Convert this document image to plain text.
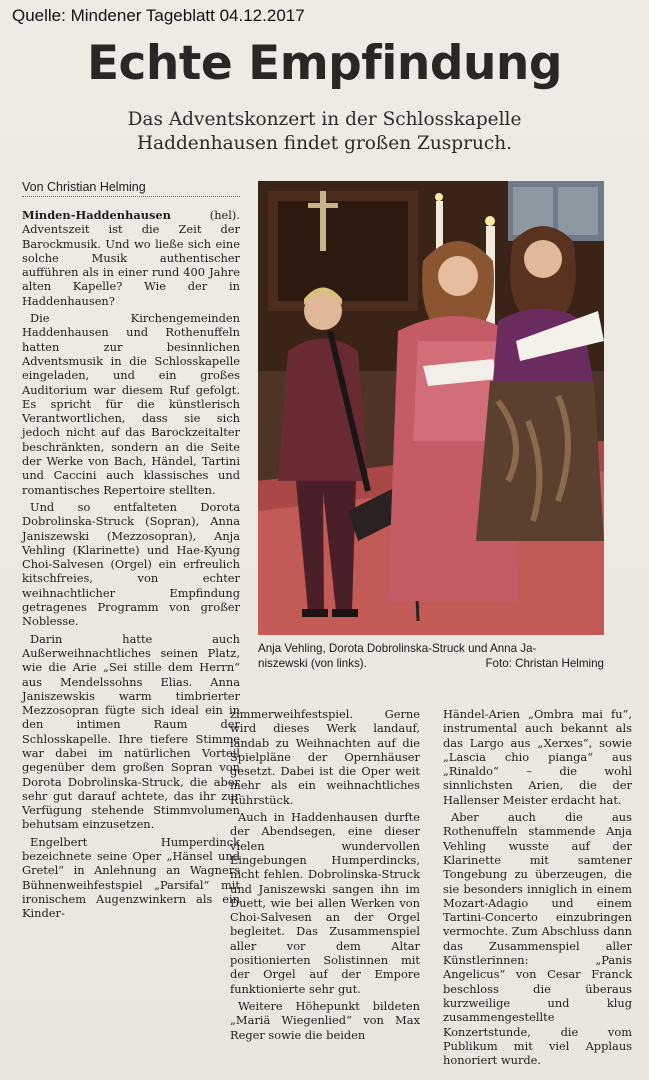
Quelle: Mindener Tageblatt 04.12.2017
Echte Empfindung
Das Adventskonzert in der Schlosskapelle
Haddenhausen findet großen Zuspruch.
Von Christian Helming

Minden-Haddenhausen (hel). Adventszeit ist die Zeit der Barockmusik. Und wo ließe sich eine solche Musik authentischer aufführen als in einer rund 400 Jahre alten Kapelle? Wie der in Haddenhausen?

Die Kirchengemeinden Haddenhausen und Rothenuffeln hatten zur besinnlichen Adventsmusik in die Schlosskapelle eingeladen, und ein großes Auditorium war diesem Ruf gefolgt. Es spricht für die künstlerisch Verantwortlichen, dass sie sich jedoch nicht auf das Barockzeitalter beschränkten, sondern an die Seite der Werke von Bach, Händel, Tartini und Caccini auch klassisches und romantisches Repertoire stellten.

Und so entfalteten Dorota Dobrolinska-Struck (Sopran), Anna Janiszewski (Mezzosopran), Anja Vehling (Klarinette) und Hae-Kyung Choi-Salvesen (Orgel) ein erfreulich kitschfreies, von echter weihnachtlicher Empfindung getragenes Programm von großer Noblesse.

Darin hatte auch Außerweihnachtliches seinen Platz, wie die Arie „Sei stille dem Herrn“ aus Mendelssohns Elias. Anna Janiszewskis warm timbrierter Mezzosopran fügte sich ideal ein in den intimen Raum der Schlosskapelle. Ihre tiefere Stimme war dabei im natürlichen Vorteil gegenüber dem großen Sopran von Dorota Dobrolinska-Struck, die aber sehr gut darauf achtete, das ihr zur Verfügung stehende Stimmvolumen behutsam einzusetzen.

Engelbert Humperdinck bezeichnete seine Oper „Hänsel und Gretel“ in Anlehnung an Wagners Bühnenweihfestspiel „Parsifal“ mit ironischem Augenzwinkern als ein Kinder-

Anja Vehling, Dorota Dobrolinska-Struck und Anna Ja-
niszewski (von links).	Foto: Christan Helming

zimmerweihfestspiel. Gerne wird dieses Werk landauf, landab zu Weihnachten auf die Spielpläne der Opernhäuser gesetzt. Dabei ist die Oper weit mehr als ein weihnachtliches Rührstück.

Auch in Haddenhausen durfte der Abendsegen, eine dieser vielen wundervollen Eingebungen Humperdincks, nicht fehlen. Dobrolinska-Struck und Janiszewski sangen ihn im Duett, wie bei allen Werken von Choi-Salvesen an der Orgel begleitet. Das Zusammenspiel aller vor dem Altar positionierten Solistinnen mit der Orgel auf der Empore funktionierte sehr gut.

Weitere Höhepunkt bildeten „Mariä Wiegenlied“ von Max Reger sowie die beiden

Händel-Arien „Ombra mai fu“, instrumental auch bekannt als das Largo aus „Xerxes“, sowie „Lascia chio pianga“ aus „Rinaldo“ – die wohl sinnlichsten Arien, die der Hallenser Meister erdacht hat.

Aber auch die aus Rothenuffeln stammende Anja Vehling wusste auf der Klarinette mit samtener Tongebung zu überzeugen, die sie besonders inniglich in einem Mozart-Adagio und einem Tartini-Concerto einzubringen vermochte. Zum Abschluss dann das Zusammenspiel aller Künstlerinnen: „Panis Angelicus“ von Cesar Franck beschloss die überaus kurzweilige und klug zusammengestellte Konzertstunde, die vom Publikum mit viel Applaus honoriert wurde.
